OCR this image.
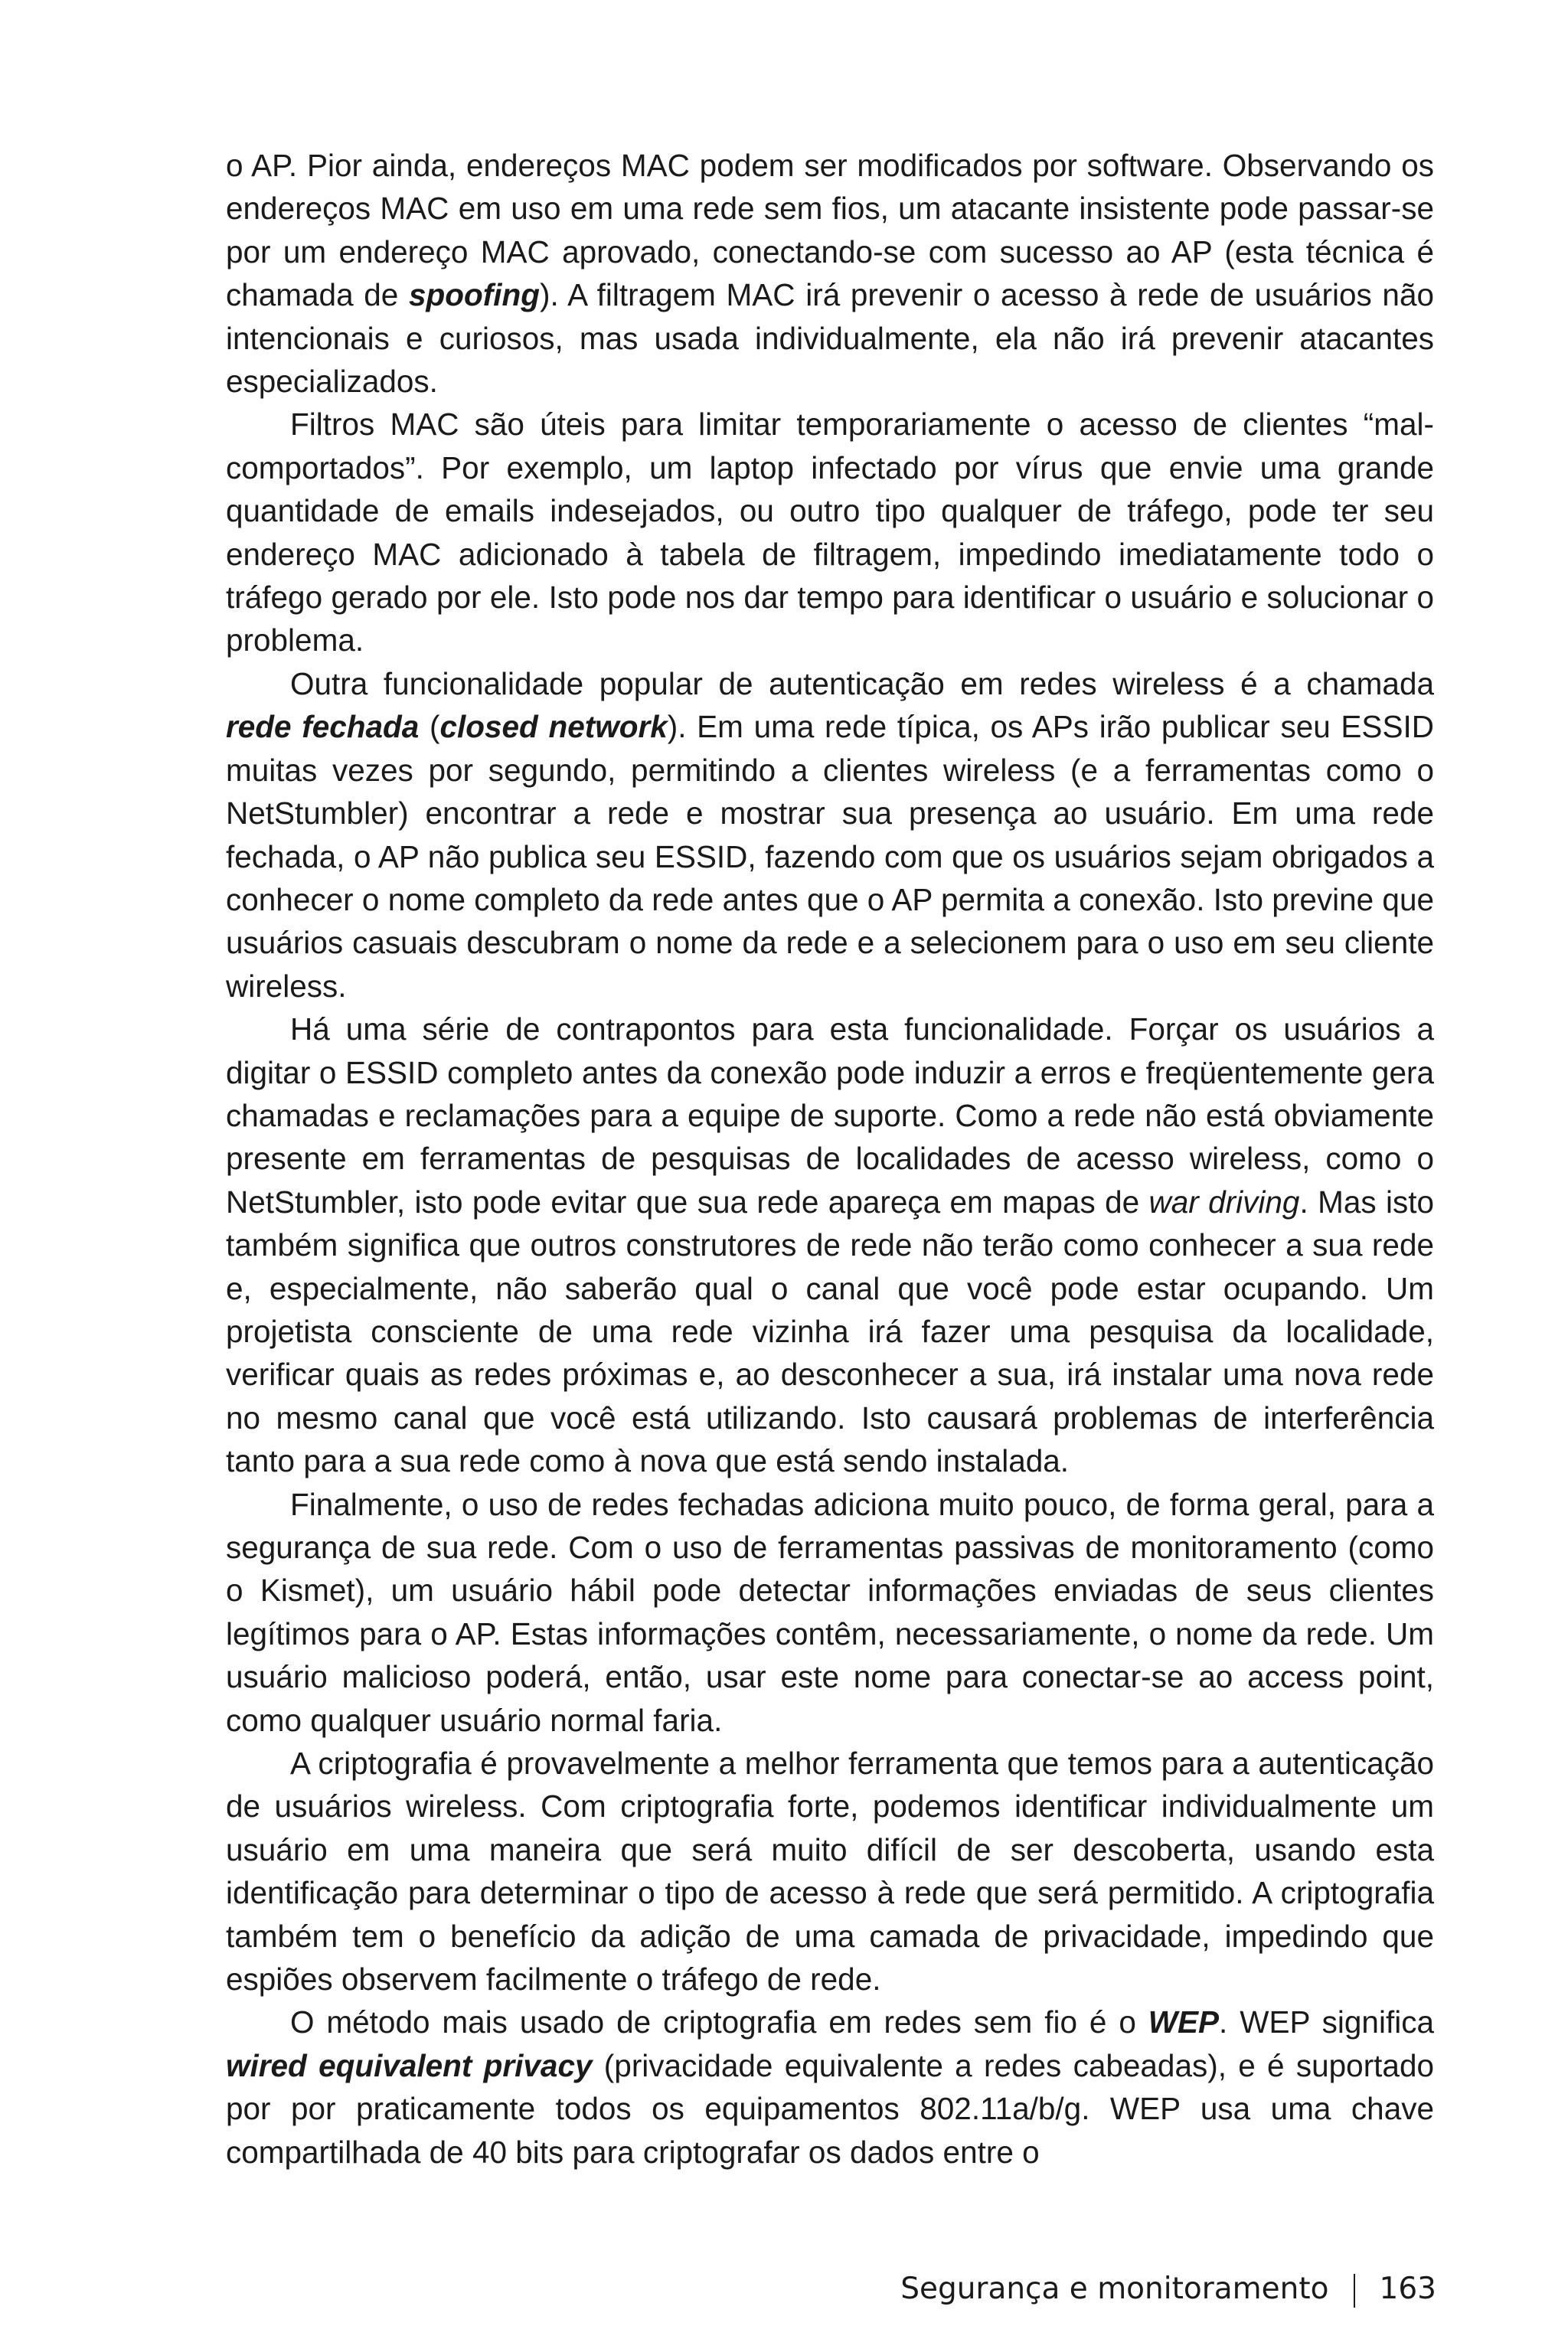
o AP. Pior ainda, endereços MAC podem ser modificados por software. Observando os endereços MAC em uso em uma rede sem fios, um atacante insistente pode passar-se por um endereço MAC aprovado, conectando-se com sucesso ao AP (esta técnica é chamada de spoofing). A filtragem MAC irá prevenir o acesso à rede de usuários não intencionais e curiosos, mas usada individualmente, ela não irá prevenir atacantes especializados.

Filtros MAC são úteis para limitar temporariamente o acesso de clientes “mal-comportados”. Por exemplo, um laptop infectado por vírus que envie uma grande quantidade de emails indesejados, ou outro tipo qualquer de tráfego, pode ter seu endereço MAC adicionado à tabela de filtragem, impedindo imediatamente todo o tráfego gerado por ele. Isto pode nos dar tempo para identificar o usuário e solucionar o problema.

Outra funcionalidade popular de autenticação em redes wireless é a chamada rede fechada (closed network). Em uma rede típica, os APs irão publicar seu ESSID muitas vezes por segundo, permitindo a clientes wireless (e a ferramentas como o NetStumbler) encontrar a rede e mostrar sua presença ao usuário. Em uma rede fechada, o AP não publica seu ESSID, fazendo com que os usuários sejam obrigados a conhecer o nome completo da rede antes que o AP permita a conexão. Isto previne que usuários casuais descubram o nome da rede e a selecionem para o uso em seu cliente wireless.

Há uma série de contrapontos para esta funcionalidade. Forçar os usuários a digitar o ESSID completo antes da conexão pode induzir a erros e freqüentemente gera chamadas e reclamações para a equipe de suporte. Como a rede não está obviamente presente em ferramentas de pesquisas de localidades de acesso wireless, como o NetStumbler, isto pode evitar que sua rede apareça em mapas de war driving. Mas isto também significa que outros construtores de rede não terão como conhecer a sua rede e, especialmente, não saberão qual o canal que você pode estar ocupando. Um projetista consciente de uma rede vizinha irá fazer uma pesquisa da localidade, verificar quais as redes próximas e, ao desconhecer a sua, irá instalar uma nova rede no mesmo canal que você está utilizando. Isto causará problemas de interferência tanto para a sua rede como à nova que está sendo instalada.

Finalmente, o uso de redes fechadas adiciona muito pouco, de forma geral, para a segurança de sua rede. Com o uso de ferramentas passivas de monitoramento (como o Kismet), um usuário hábil pode detectar informações enviadas de seus clientes legítimos para o AP. Estas informações contêm, necessariamente, o nome da rede. Um usuário malicioso poderá, então, usar este nome para conectar-se ao access point, como qualquer usuário normal faria.

A criptografia é provavelmente a melhor ferramenta que temos para a autenticação de usuários wireless. Com criptografia forte, podemos identificar individualmente um usuário em uma maneira que será muito difícil de ser descoberta, usando esta identificação para determinar o tipo de acesso à rede que será permitido. A criptografia também tem o benefício da adição de uma camada de privacidade, impedindo que espiões observem facilmente o tráfego de rede.

O método mais usado de criptografia em redes sem fio é o WEP. WEP significa wired equivalent privacy (privacidade equivalente a redes cabeadas), e é suportado por por praticamente todos os equipamentos 802.11a/b/g. WEP usa uma chave compartilhada de 40 bits para criptografar os dados entre o

Segurança e monitoramento 163
